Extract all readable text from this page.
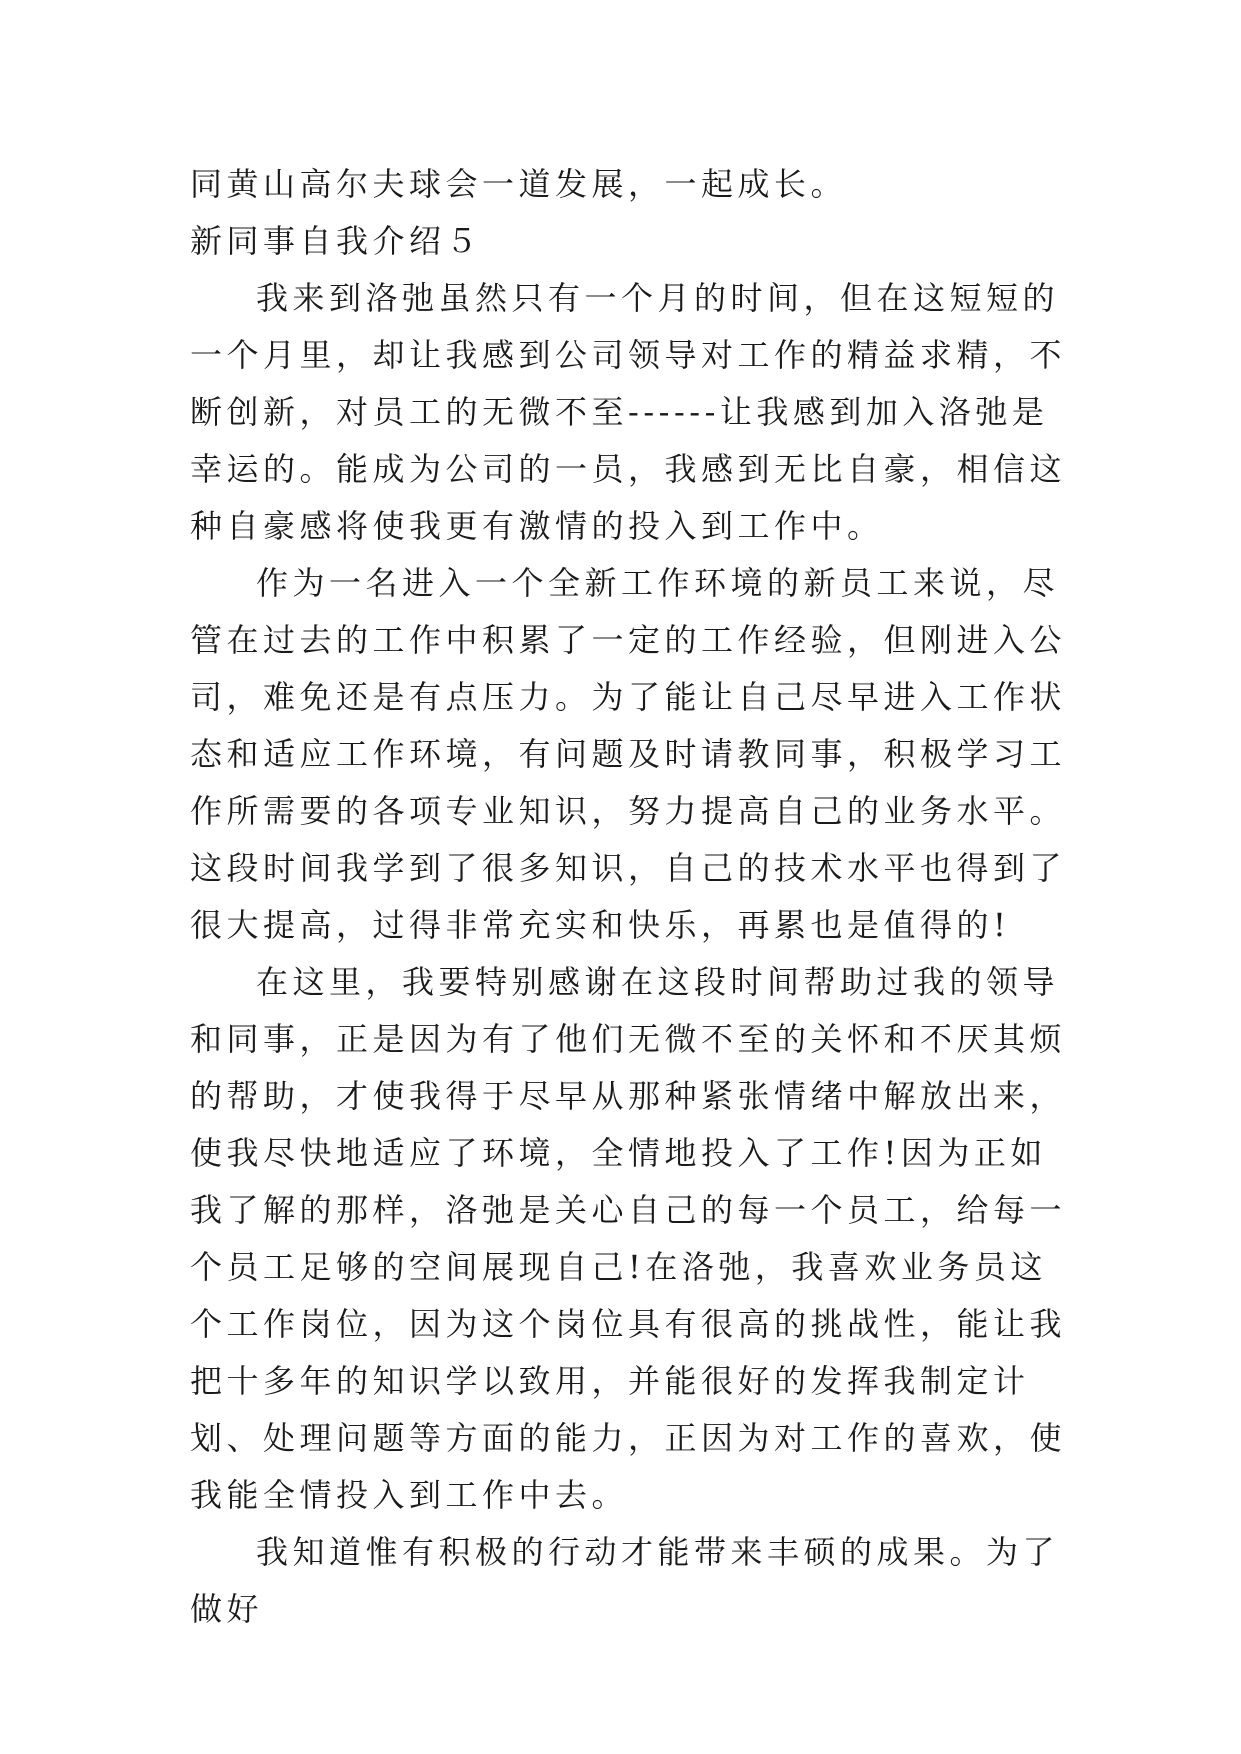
同黄山高尔夫球会一道发展，一起成长。

新同事自我介绍５

我来到洛弛虽然只有一个月的时间，但在这短短的一个月里，却让我感到公司领导对工作的精益求精，不断创新，对员工的无微不至------让我感到加入洛弛是幸运的。能成为公司的一员，我感到无比自豪，相信这种自豪感将使我更有激情的投入到工作中。

作为一名进入一个全新工作环境的新员工来说，尽管在过去的工作中积累了一定的工作经验，但刚进入公司，难免还是有点压力。为了能让自己尽早进入工作状态和适应工作环境，有问题及时请教同事，积极学习工作所需要的各项专业知识，努力提高自己的业务水平。这段时间我学到了很多知识，自己的技术水平也得到了很大提高，过得非常充实和快乐，再累也是值得的!

在这里，我要特别感谢在这段时间帮助过我的领导和同事，正是因为有了他们无微不至的关怀和不厌其烦的帮助，才使我得于尽早从那种紧张情绪中解放出来，使我尽快地适应了环境，全情地投入了工作!因为正如我了解的那样，洛弛是关心自己的每一个员工，给每一个员工足够的空间展现自己!在洛弛，我喜欢业务员这个工作岗位，因为这个岗位具有很高的挑战性，能让我把十多年的知识学以致用，并能很好的发挥我制定计划、处理问题等方面的能力，正因为对工作的喜欢，使我能全情投入到工作中去。

我知道惟有积极的行动才能带来丰硕的成果。为了做好
